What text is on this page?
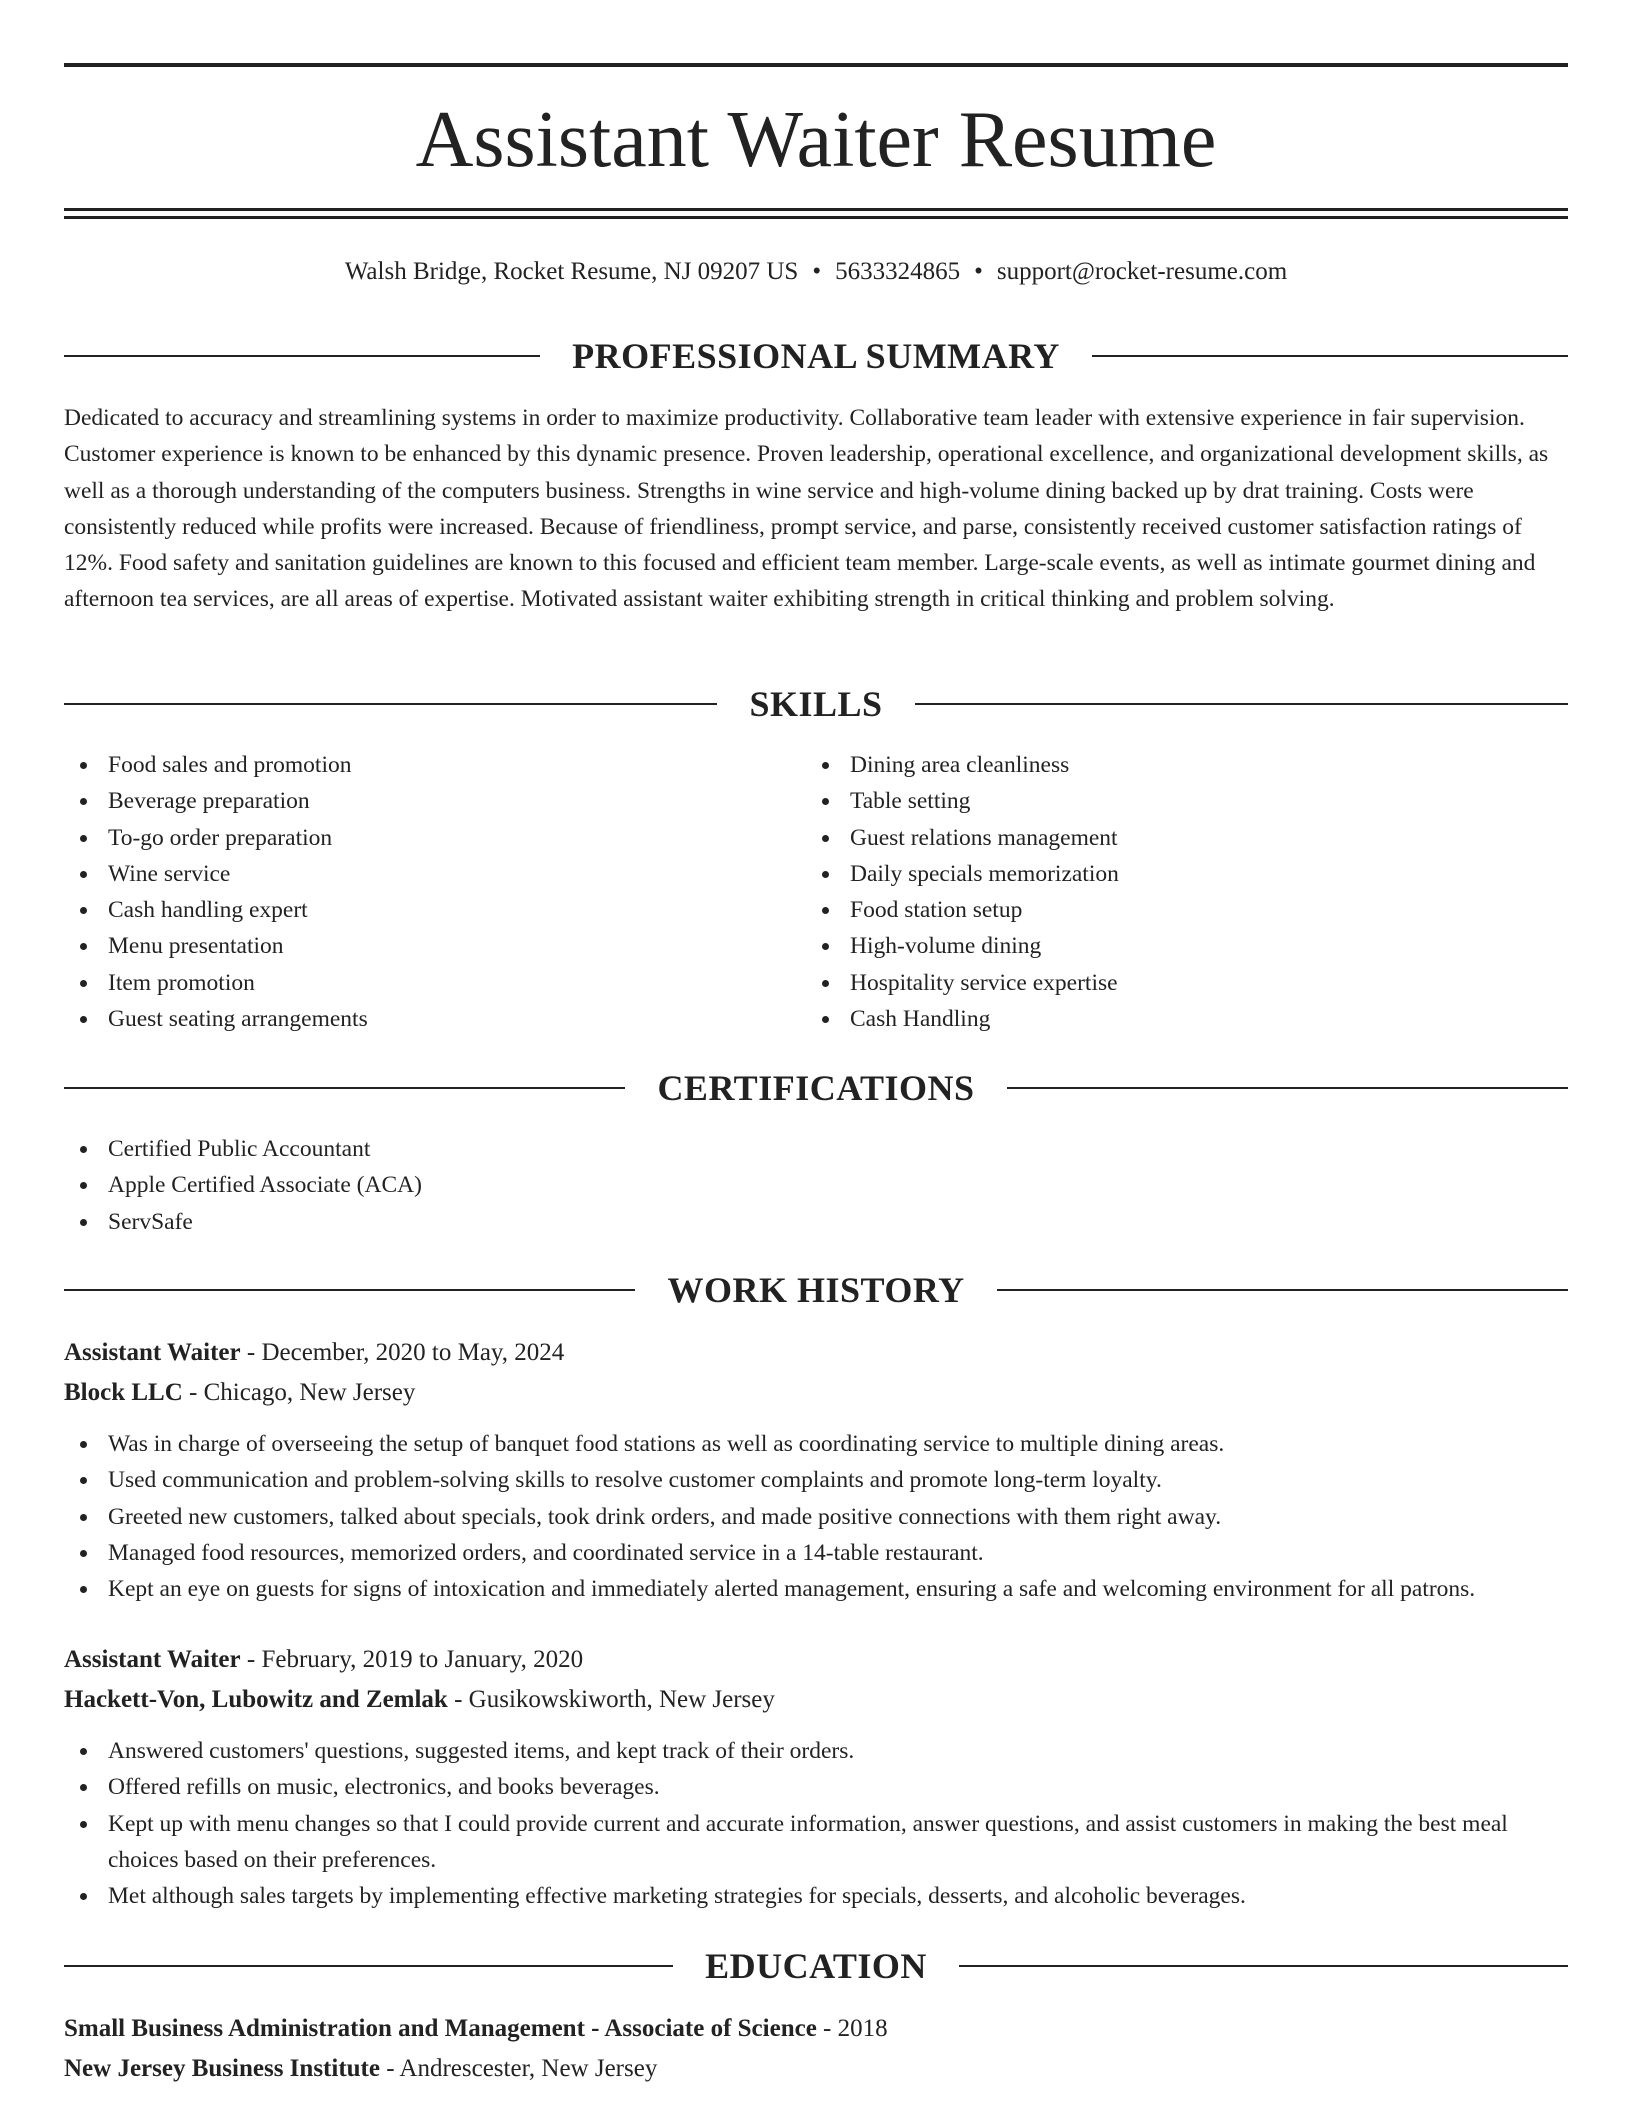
Assistant Waiter Resume
Walsh Bridge, Rocket Resume, NJ 09207 US • 5633324865 • support@rocket-resume.com
PROFESSIONAL SUMMARY

Dedicated to accuracy and streamlining systems in order to maximize productivity. Collaborative team leader with extensive experience in fair supervision. Customer experience is known to be enhanced by this dynamic presence. Proven leadership, operational excellence, and organizational development skills, as well as a thorough understanding of the computers business. Strengths in wine service and high-volume dining backed up by drat training. Costs were consistently reduced while profits were increased. Because of friendliness, prompt service, and parse, consistently received customer satisfaction ratings of 12%. Food safety and sanitation guidelines are known to this focused and efficient team member. Large-scale events, as well as intimate gourmet dining and afternoon tea services, are all areas of expertise. Motivated assistant waiter exhibiting strength in critical thinking and problem solving.

SKILLS
Food sales and promotion
Beverage preparation
To-go order preparation
Wine service
Cash handling expert
Menu presentation
Item promotion
Guest seating arrangements
Dining area cleanliness
Table setting
Guest relations management
Daily specials memorization
Food station setup
High-volume dining
Hospitality service expertise
Cash Handling
CERTIFICATIONS
Certified Public Accountant
Apple Certified Associate (ACA)
ServSafe
WORK HISTORY
Assistant Waiter - December, 2020 to May, 2024
Block LLC - Chicago, New Jersey
Was in charge of overseeing the setup of banquet food stations as well as coordinating service to multiple dining areas.
Used communication and problem-solving skills to resolve customer complaints and promote long-term loyalty.
Greeted new customers, talked about specials, took drink orders, and made positive connections with them right away.
Managed food resources, memorized orders, and coordinated service in a 14-table restaurant.
Kept an eye on guests for signs of intoxication and immediately alerted management, ensuring a safe and welcoming environment for all patrons.
Assistant Waiter - February, 2019 to January, 2020
Hackett-Von, Lubowitz and Zemlak - Gusikowskiworth, New Jersey
Answered customers' questions, suggested items, and kept track of their orders.
Offered refills on music, electronics, and books beverages.
Kept up with menu changes so that I could provide current and accurate information, answer questions, and assist customers in making the best meal choices based on their preferences.
Met although sales targets by implementing effective marketing strategies for specials, desserts, and alcoholic beverages.
EDUCATION
Small Business Administration and Management - Associate of Science - 2018
New Jersey Business Institute - Andrescester, New Jersey
